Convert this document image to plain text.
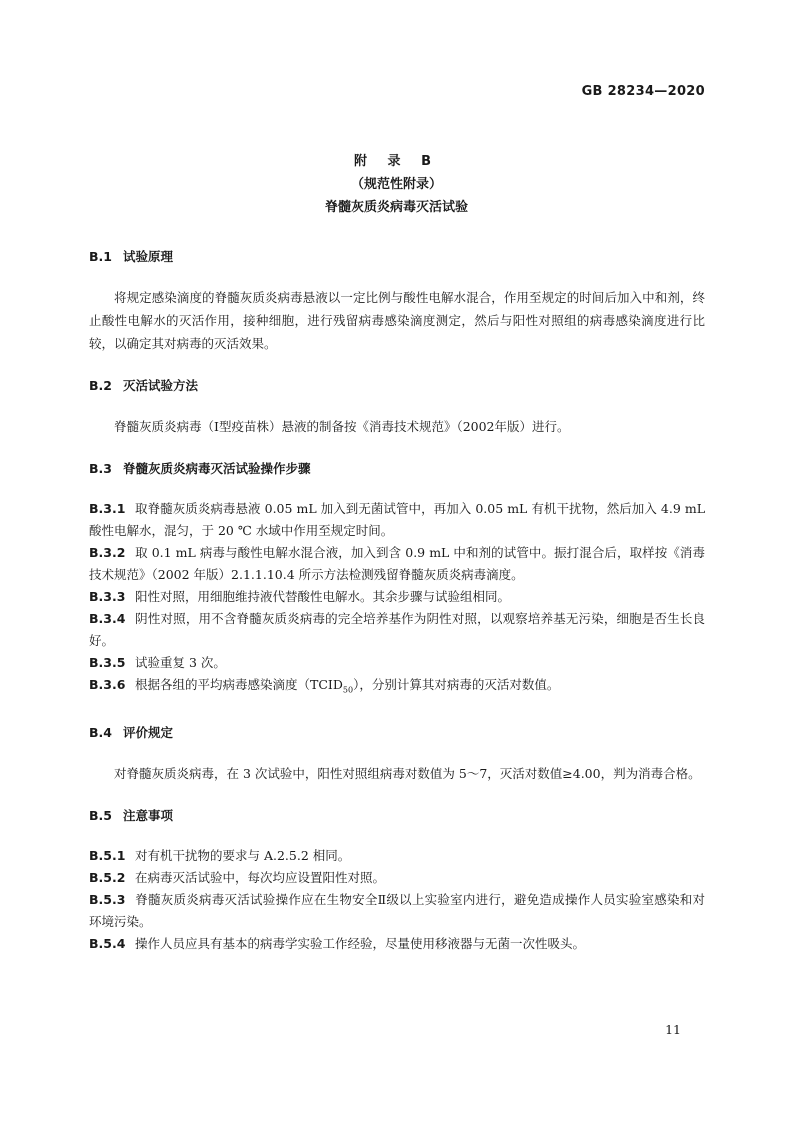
GB 28234—2020
附 录 B
（规范性附录）
脊髓灰质炎病毒灭活试验
B.1 试验原理
将规定感染滴度的脊髓灰质炎病毒悬液以一定比例与酸性电解水混合，作用至规定的时间后加入中和剂，终止酸性电解水的灭活作用，接种细胞，进行残留病毒感染滴度测定，然后与阳性对照组的病毒感染滴度进行比较，以确定其对病毒的灭活效果。
B.2 灭活试验方法
脊髓灰质炎病毒（Ⅰ型疫苗株）悬液的制备按《消毒技术规范》（2002年版）进行。
B.3 脊髓灰质炎病毒灭活试验操作步骤
B.3.1 取脊髓灰质炎病毒悬液 0.05 mL 加入到无菌试管中，再加入 0.05 mL 有机干扰物，然后加入 4.9 mL 酸性电解水，混匀，于 20 ℃ 水域中作用至规定时间。
B.3.2 取 0.1 mL 病毒与酸性电解水混合液，加入到含 0.9 mL 中和剂的试管中。振打混合后，取样按《消毒技术规范》（2002 年版）2.1.1.10.4 所示方法检测残留脊髓灰质炎病毒滴度。
B.3.3 阳性对照，用细胞维持液代替酸性电解水。其余步骤与试验组相同。
B.3.4 阴性对照，用不含脊髓灰质炎病毒的完全培养基作为阴性对照，以观察培养基无污染，细胞是否生长良好。
B.3.5 试验重复 3 次。
B.3.6 根据各组的平均病毒感染滴度$(TCID_{50})$，分别计算其对病毒的灭活对数值。
B.4 评价规定
对脊髓灰质炎病毒，在 3 次试验中，阳性对照组病毒对数值为 5～7，灭活对数值≥4.00，判为消毒合格。
B.5 注意事项
B.5.1 对有机干扰物的要求与 A.2.5.2 相同。
B.5.2 在病毒灭活试验中，每次均应设置阳性对照。
B.5.3 脊髓灰质炎病毒灭活试验操作应在生物安全Ⅱ级以上实验室内进行，避免造成操作人员实验室感染和对环境污染。
B.5.4 操作人员应具有基本的病毒学实验工作经验，尽量使用移液器与无菌一次性吸头。
11
